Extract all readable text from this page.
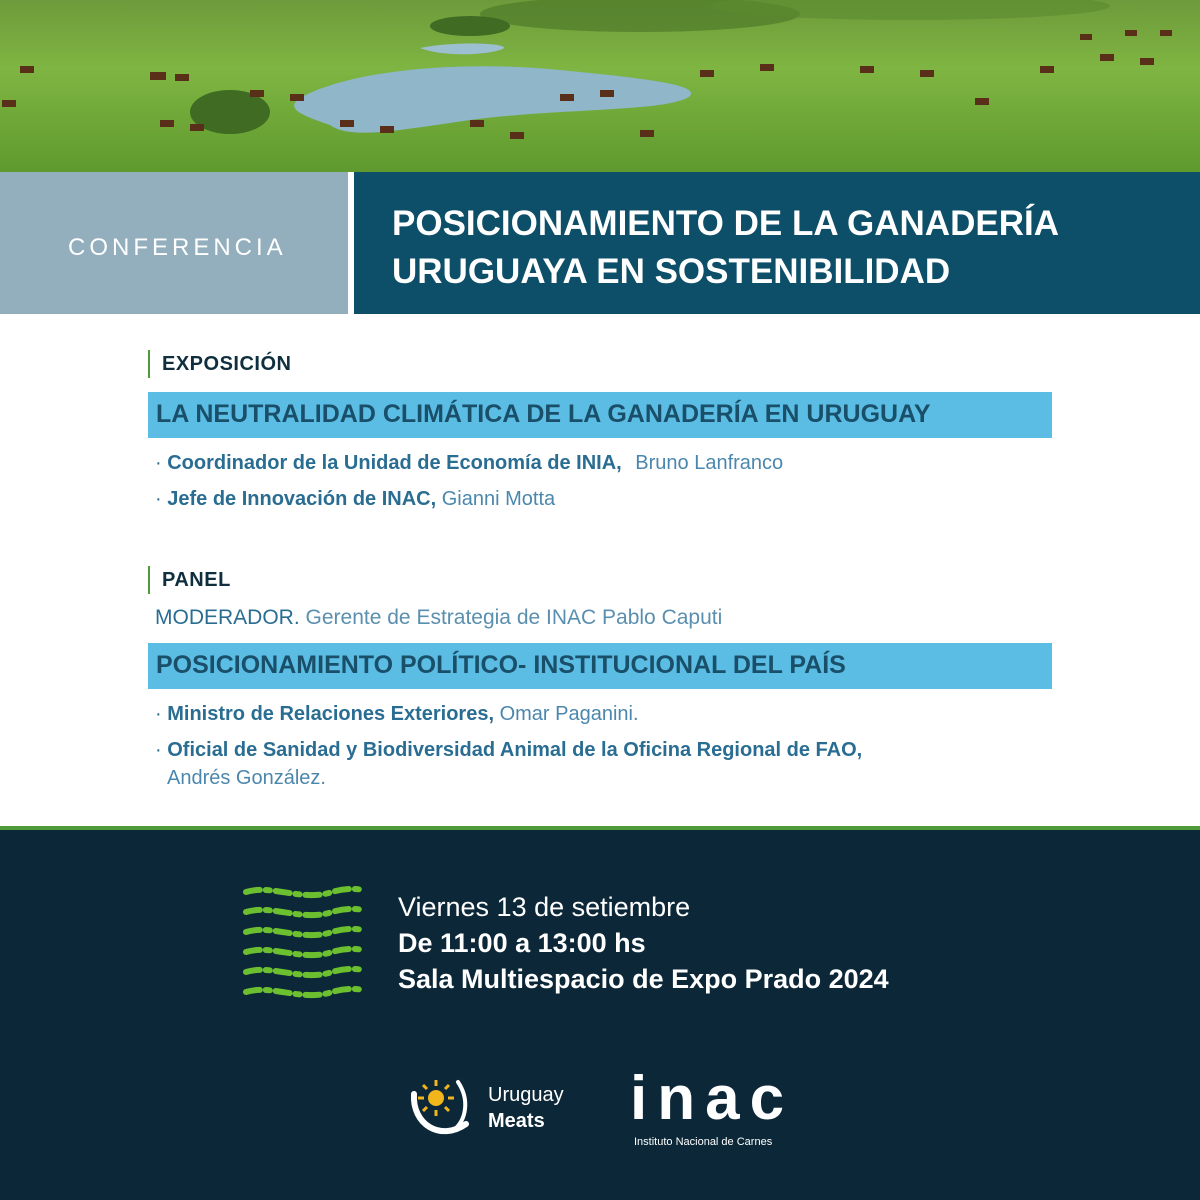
CONFERENCIA
POSICIONAMIENTO DE LA GANADERÍA
URUGUAYA EN SOSTENIBILIDAD
EXPOSICIÓN
LA NEUTRALIDAD CLIMÁTICA DE LA GANADERÍA EN URUGUAY
· Coordinador de la Unidad de Economía de INIA, Bruno Lanfranco
· Jefe de Innovación de INAC, Gianni Motta
PANEL
MODERADOR. Gerente de Estrategia de INAC Pablo Caputi
POSICIONAMIENTO POLÍTICO- INSTITUCIONAL DEL PAÍS
· Ministro de Relaciones Exteriores, Omar Paganini.
· Oficial de Sanidad y Biodiversidad Animal de la Oficina Regional de FAO,
Andrés González.
Viernes 13 de setiembre
De 11:00 a 13:00 hs
Sala Multiespacio de Expo Prado 2024
Uruguay
Meats inac
Instituto Nacional de Carnes
